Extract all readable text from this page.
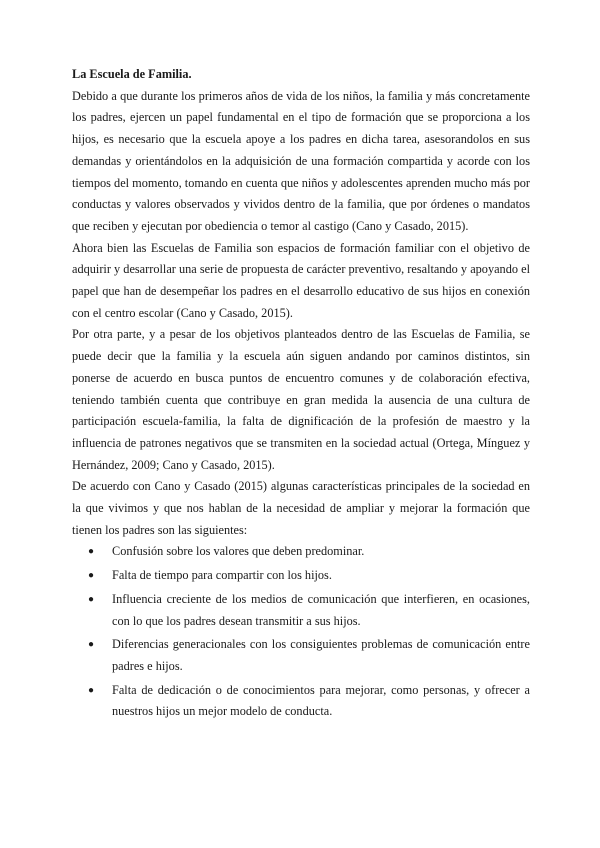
La Escuela de Familia.

Debido a que durante los primeros años de vida de los niños, la familia y más concretamente los padres, ejercen un papel fundamental en el tipo de formación que se proporciona a los hijos, es necesario que la escuela apoye a los padres en dicha tarea, asesorandolos en sus demandas y orientándolos en la adquisición de una formación compartida y acorde con los tiempos del momento, tomando en cuenta que niños y adolescentes aprenden mucho más por conductas y valores observados y vividos dentro de la familia, que por órdenes o mandatos que reciben y ejecutan por obediencia o temor al castigo (Cano y Casado, 2015).

Ahora bien las Escuelas de Familia son espacios de formación familiar con el objetivo de adquirir y desarrollar una serie de propuesta de carácter preventivo, resaltando y apoyando el papel que han de desempeñar los padres en el desarrollo educativo de sus hijos en conexión con el centro escolar (Cano y Casado, 2015).

Por otra parte, y a pesar de los objetivos planteados dentro de las Escuelas de Familia, se puede decir que la familia y la escuela aún siguen andando por caminos distintos, sin ponerse de acuerdo en busca puntos de encuentro comunes y de colaboración efectiva, teniendo también cuenta que contribuye en gran medida la ausencia de una cultura de participación escuela-familia, la falta de dignificación de la profesión de maestro y la influencia de patrones negativos que se transmiten en la sociedad actual (Ortega, Mínguez y Hernández, 2009; Cano y Casado, 2015).

De acuerdo con Cano y Casado (2015) algunas características principales de la sociedad en la que vivimos y que nos hablan de la necesidad de ampliar y mejorar la formación que tienen los padres son las siguientes:

● Confusión sobre los valores que deben predominar.
● Falta de tiempo para compartir con los hijos.
● Influencia creciente de los medios de comunicación que interfieren, en ocasiones, con lo que los padres desean transmitir a sus hijos.
● Diferencias generacionales con los consiguientes problemas de comunicación entre padres e hijos.
● Falta de dedicación o de conocimientos para mejorar, como personas, y ofrecer a nuestros hijos un mejor modelo de conducta.
